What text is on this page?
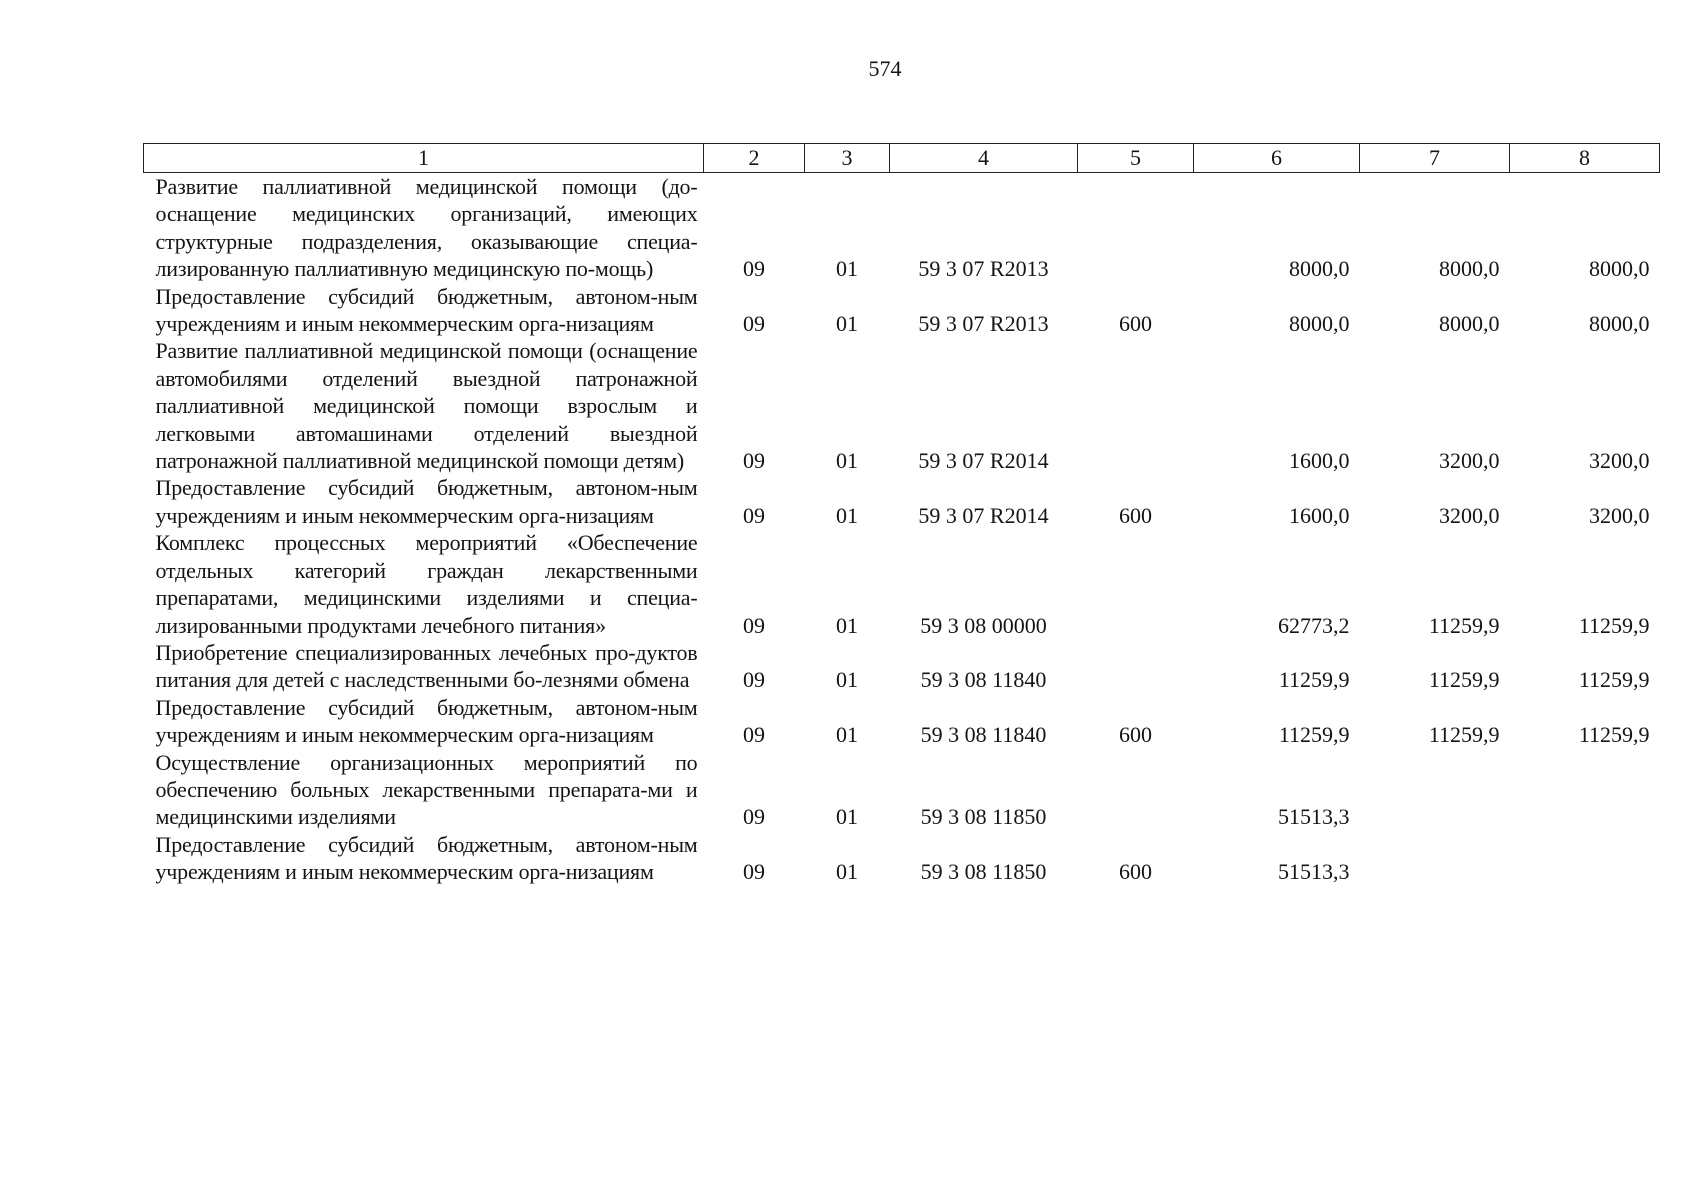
574
1	2	3	4	5	6	7	8
Развитие паллиативной медицинской помощи (до-оснащение медицинских организаций, имеющих структурные подразделения, оказывающие специа-лизированную паллиативную медицинскую по-мощь)	09	01	59 3 07 R2013		8000,0	8000,0	8000,0
Предоставление субсидий бюджетным, автоном-ным учреждениям и иным некоммерческим орга-низациям	09	01	59 3 07 R2013	600	8000,0	8000,0	8000,0
Развитие паллиативной медицинской помощи (оснащение автомобилями отделений выездной патронажной паллиативной медицинской помощи взрослым и легковыми автомашинами отделений выездной патронажной паллиативной медицинской помощи детям)	09	01	59 3 07 R2014		1600,0	3200,0	3200,0
Предоставление субсидий бюджетным, автоном-ным учреждениям и иным некоммерческим орга-низациям	09	01	59 3 07 R2014	600	1600,0	3200,0	3200,0
Комплекс процессных мероприятий «Обеспечение отдельных категорий граждан лекарственными препаратами, медицинскими изделиями и специа-лизированными продуктами лечебного питания»	09	01	59 3 08 00000		62773,2	11259,9	11259,9
Приобретение специализированных лечебных про-дуктов питания для детей с наследственными бо-лезнями обмена	09	01	59 3 08 11840		11259,9	11259,9	11259,9
Предоставление субсидий бюджетным, автоном-ным учреждениям и иным некоммерческим орга-низациям	09	01	59 3 08 11840	600	11259,9	11259,9	11259,9
Осуществление организационных мероприятий по обеспечению больных лекарственными препарата-ми и медицинскими изделиями	09	01	59 3 08 11850		51513,3		
Предоставление субсидий бюджетным, автоном-ным учреждениям и иным некоммерческим орга-низациям	09	01	59 3 08 11850	600	51513,3		
